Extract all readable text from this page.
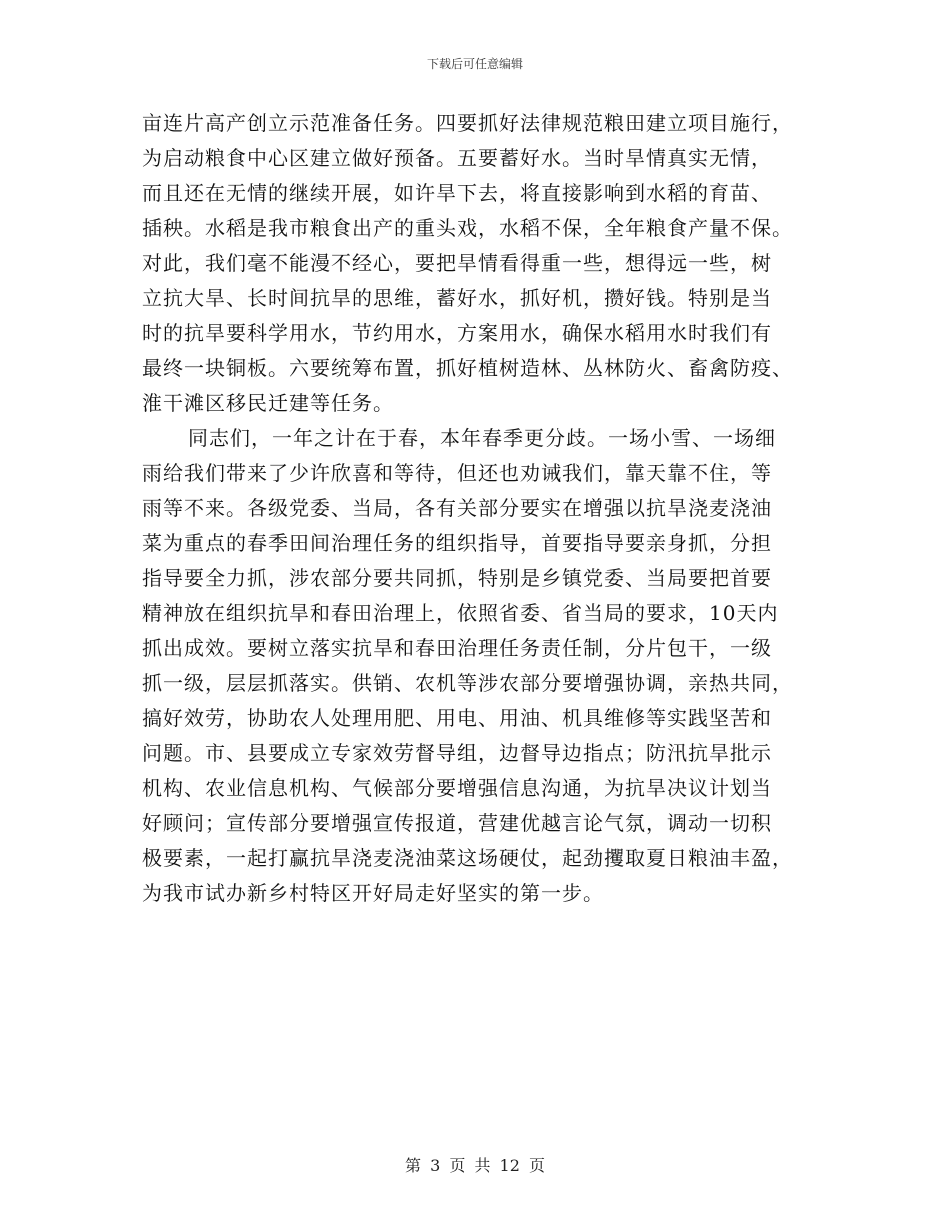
下载后可任意编辑
亩连片高产创立示范准备任务。四要抓好法律规范粮田建立项目施行，
为启动粮食中心区建立做好预备。五要蓄好水。当时旱情真实无情，
而且还在无情的继续开展，如许旱下去，将直接影响到水稻的育苗、
插秧。水稻是我市粮食出产的重头戏，水稻不保，全年粮食产量不保。
对此，我们毫不能漫不经心，要把旱情看得重一些，想得远一些，树
立抗大旱、长时间抗旱的思维，蓄好水，抓好机，攒好钱。特别是当
时的抗旱要科学用水，节约用水，方案用水，确保水稻用水时我们有
最终一块铜板。六要统筹布置，抓好植树造林、丛林防火、畜禽防疫、
淮干滩区移民迁建等任务。
同志们，一年之计在于春，本年春季更分歧。一场小雪、一场细
雨给我们带来了少许欣喜和等待，但还也劝诫我们，靠天靠不住，等
雨等不来。各级党委、当局，各有关部分要实在增强以抗旱浇麦浇油
菜为重点的春季田间治理任务的组织指导，首要指导要亲身抓，分担
指导要全力抓，涉农部分要共同抓，特别是乡镇党委、当局要把首要
精神放在组织抗旱和春田治理上，依照省委、省当局的要求，10天内
抓出成效。要树立落实抗旱和春田治理任务责任制，分片包干，一级
抓一级，层层抓落实。供销、农机等涉农部分要增强协调，亲热共同，
搞好效劳，协助农人处理用肥、用电、用油、机具维修等实践坚苦和
问题。市、县要成立专家效劳督导组，边督导边指点；防汛抗旱批示
机构、农业信息机构、气候部分要增强信息沟通，为抗旱决议计划当
好顾问；宣传部分要增强宣传报道，营建优越言论气氛，调动一切积
极要素，一起打赢抗旱浇麦浇油菜这场硬仗，起劲攫取夏日粮油丰盈，
为我市试办新乡村特区开好局走好坚实的第一步。
第 3 页 共 12 页
